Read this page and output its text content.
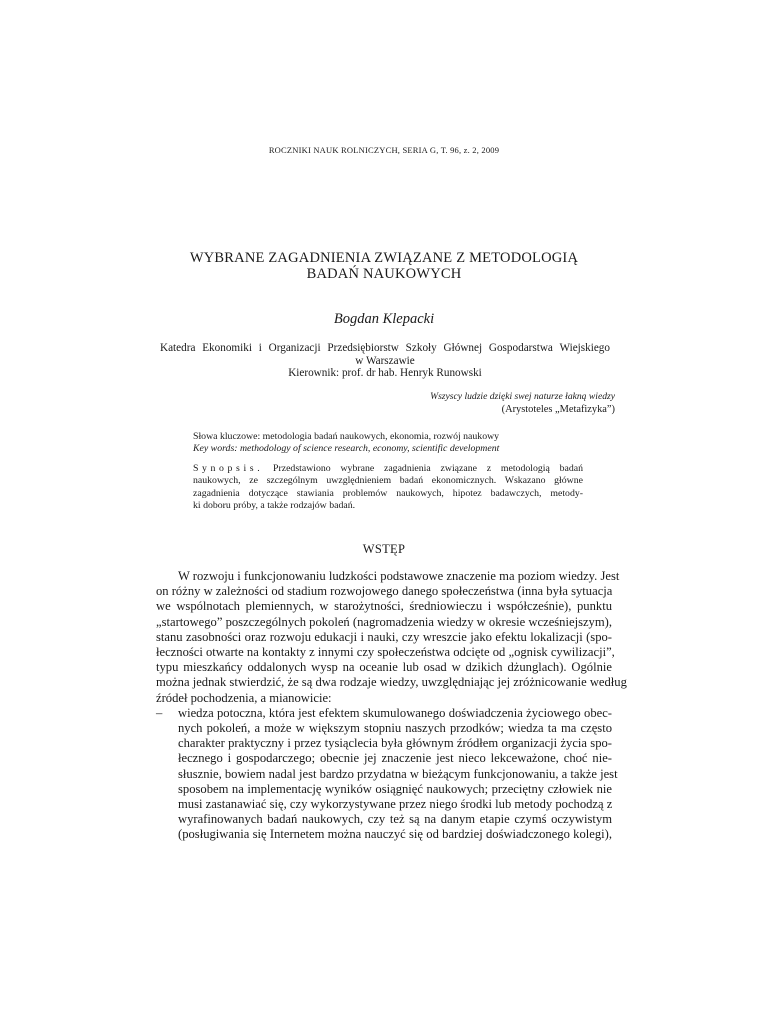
ROCZNIKI NAUK ROLNICZYCH, SERIA G, T. 96, z. 2, 2009
WYBRANE ZAGADNIENIA ZWIĄZANE Z METODOLOGIĄ
BADAŃ NAUKOWYCH
Bogdan Klepacki
Katedra Ekonomiki i Organizacji Przedsiębiorstw Szkoły Głównej Gospodarstwa Wiejskiego
w Warszawie
Kierownik: prof. dr hab. Henryk Runowski
Wszyscy ludzie dzięki swej naturze łakną wiedzy
(Arystoteles „Metafizyka”)
Słowa kluczowe: metodologia badań naukowych, ekonomia, rozwój naukowy
Key words: methodology of science research, economy, scientific development
Synopsis. Przedstawiono wybrane zagadnienia związane z metodologią badań
naukowych, ze szczególnym uwzględnieniem badań ekonomicznych. Wskazano główne
zagadnienia dotyczące stawiania problemów naukowych, hipotez badawczych, metody-
ki doboru próby, a także rodzajów badań.
WSTĘP
W rozwoju i funkcjonowaniu ludzkości podstawowe znaczenie ma poziom wiedzy. Jest
on różny w zależności od stadium rozwojowego danego społeczeństwa (inna była sytuacja
we wspólnotach plemiennych, w starożytności, średniowieczu i współcześnie), punktu
„startowego” poszczególnych pokoleń (nagromadzenia wiedzy w okresie wcześniejszym),
stanu zasobności oraz rozwoju edukacji i nauki, czy wreszcie jako efektu lokalizacji (spo-
łeczności otwarte na kontakty z innymi czy społeczeństwa odcięte od „ognisk cywilizacji”,
typu mieszkańcy oddalonych wysp na oceanie lub osad w dzikich dżunglach). Ogólnie
można jednak stwierdzić, że są dwa rodzaje wiedzy, uwzględniając jej zróżnicowanie według
źródeł pochodzenia, a mianowicie:
– wiedza potoczna, która jest efektem skumulowanego doświadczenia życiowego obec-
nych pokoleń, a może w większym stopniu naszych przodków; wiedza ta ma często
charakter praktyczny i przez tysiąclecia była głównym źródłem organizacji życia spo-
łecznego i gospodarczego; obecnie jej znaczenie jest nieco lekceważone, choć nie-
słusznie, bowiem nadal jest bardzo przydatna w bieżącym funkcjonowaniu, a także jest
sposobem na implementację wyników osiągnięć naukowych; przeciętny człowiek nie
musi zastanawiać się, czy wykorzystywane przez niego środki lub metody pochodzą z
wyrafinowanych badań naukowych, czy też są na danym etapie czymś oczywistym
(posługiwania się Internetem można nauczyć się od bardziej doświadczonego kolegi),
